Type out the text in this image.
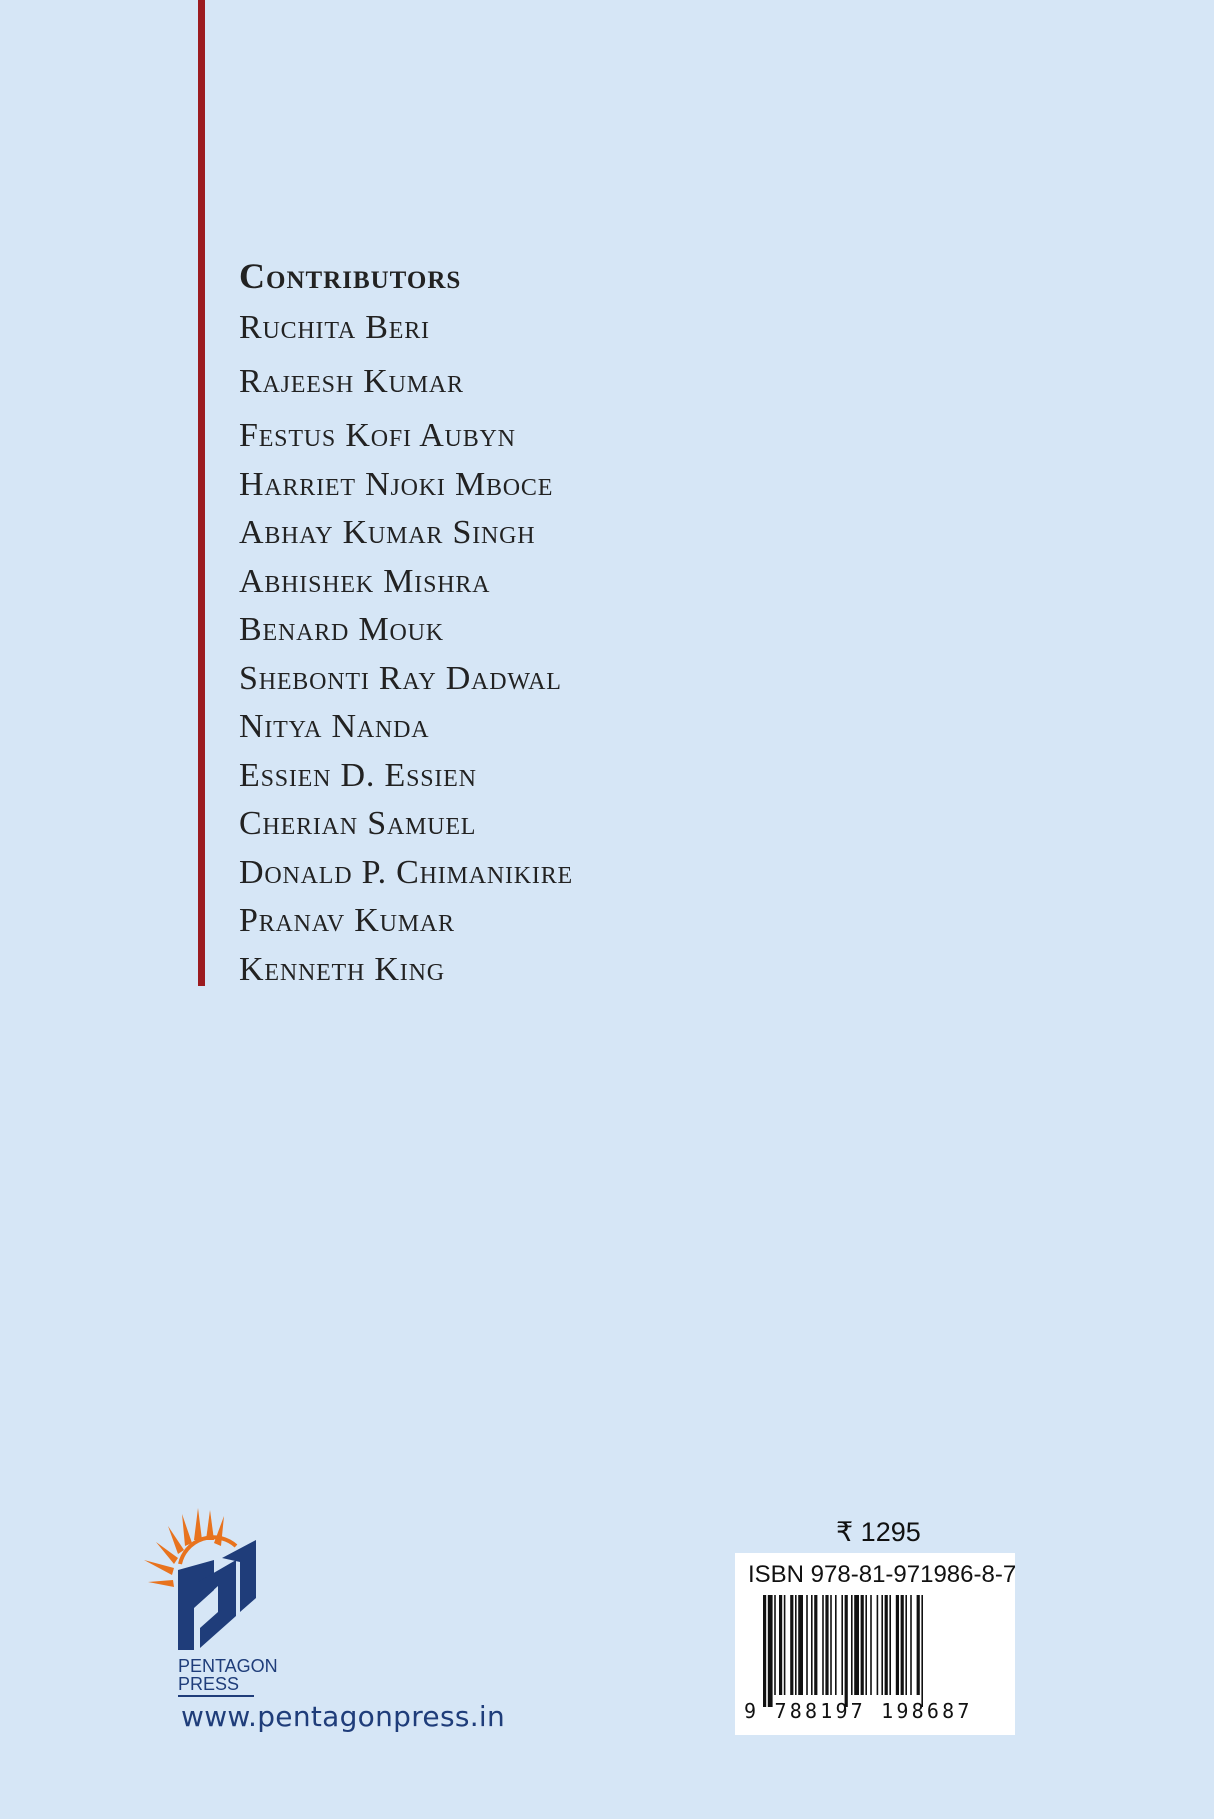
Contributors
Ruchita Beri
Rajeesh Kumar
Festus Kofi Aubyn
Harriet Njoki Mboce
Abhay Kumar Singh
Abhishek Mishra
Benard Mouk
Shebonti Ray Dadwal
Nitya Nanda
Essien D. Essien
Cherian Samuel
Donald P. Chimanikire
Pranav Kumar
Kenneth King
PENTAGON
PRESS
www.pentagonpress.in
₹ 1295
ISBN 978-81-971986-8-7
9 788197 198687
